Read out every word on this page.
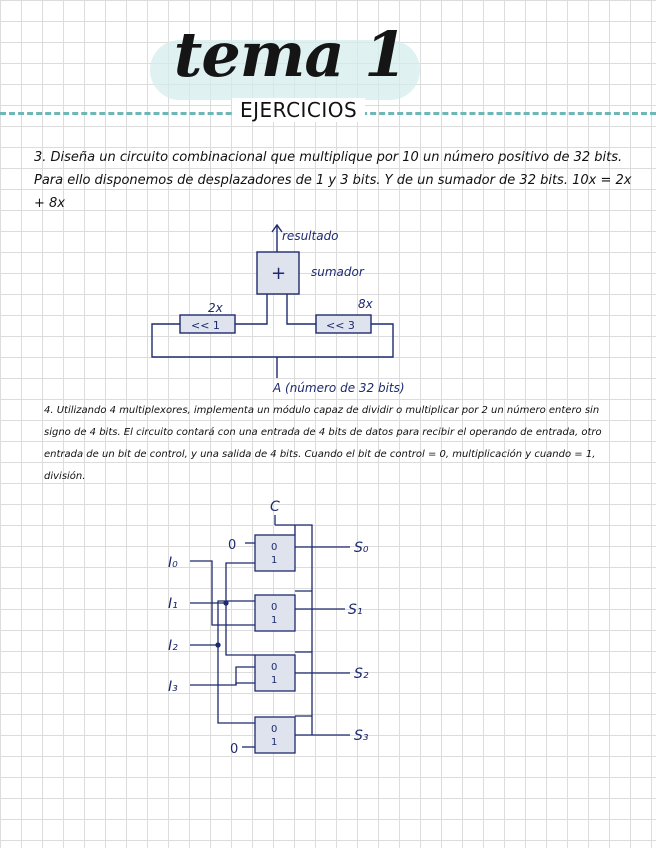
tema 1
EJERCICIOS
3. Diseña un circuito combinacional que multiplique por 10 un número positivo de 32 bits. Para ello disponemos de desplazadores de 1 y 3 bits. Y de un sumador de 32 bits. 10x = 2x + 8x
resultado
+ sumador
<< 1	<< 3
2x	8x
A (número de 32 bits)
4. Utilizando 4 multiplexores, implementa un módulo capaz de dividir o multiplicar por 2 un número entero sin signo de 4 bits. El circuito contará con una entrada de 4 bits de datos para recibir el operando de entrada, otro entrada de un bit de control, y una salida de 4 bits. Cuando el bit de control = 0, multiplicación y cuando = 1, división.
C
0
0
0
1
0
1
0
1
0
1
I₀
I₁
I₂
I₃
S₀
S₁
S₂
S₃
